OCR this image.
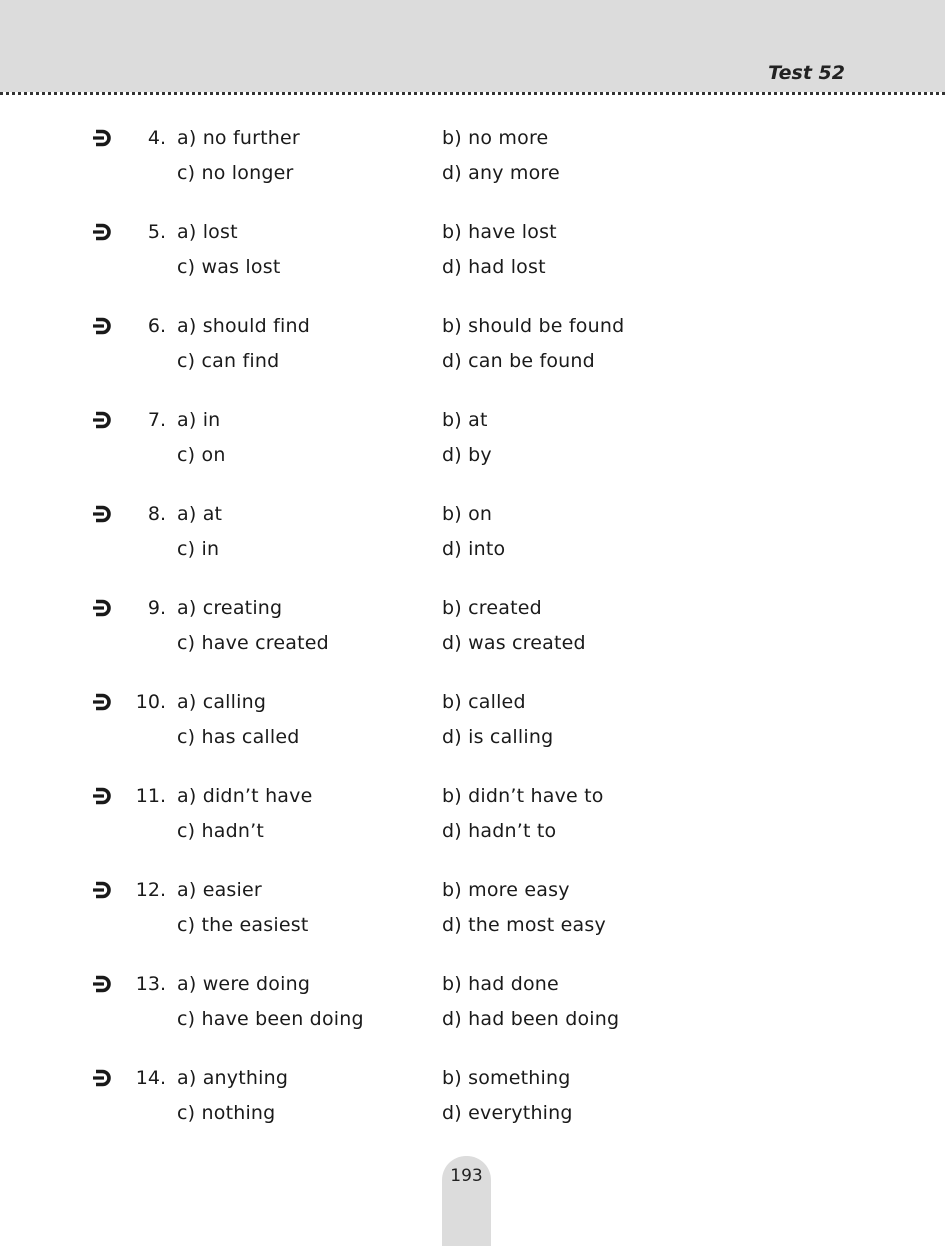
Test 52
4. a) no further	b) no more
c) no longer	d) any more
5. a) lost	b) have lost
c) was lost	d) had lost
6. a) should find	b) should be found
c) can find	d) can be found
7. a) in	b) at
c) on	d) by
8. a) at	b) on
c) in	d) into
9. a) creating	b) created
c) have created	d) was created
10. a) calling	b) called
c) has called	d) is calling
11. a) didn’t have	b) didn’t have to
c) hadn’t	d) hadn’t to
12. a) easier	b) more easy
c) the easiest	d) the most easy
13. a) were doing	b) had done
c) have been doing	d) had been doing
14. a) anything	b) something
c) nothing	d) everything
193
